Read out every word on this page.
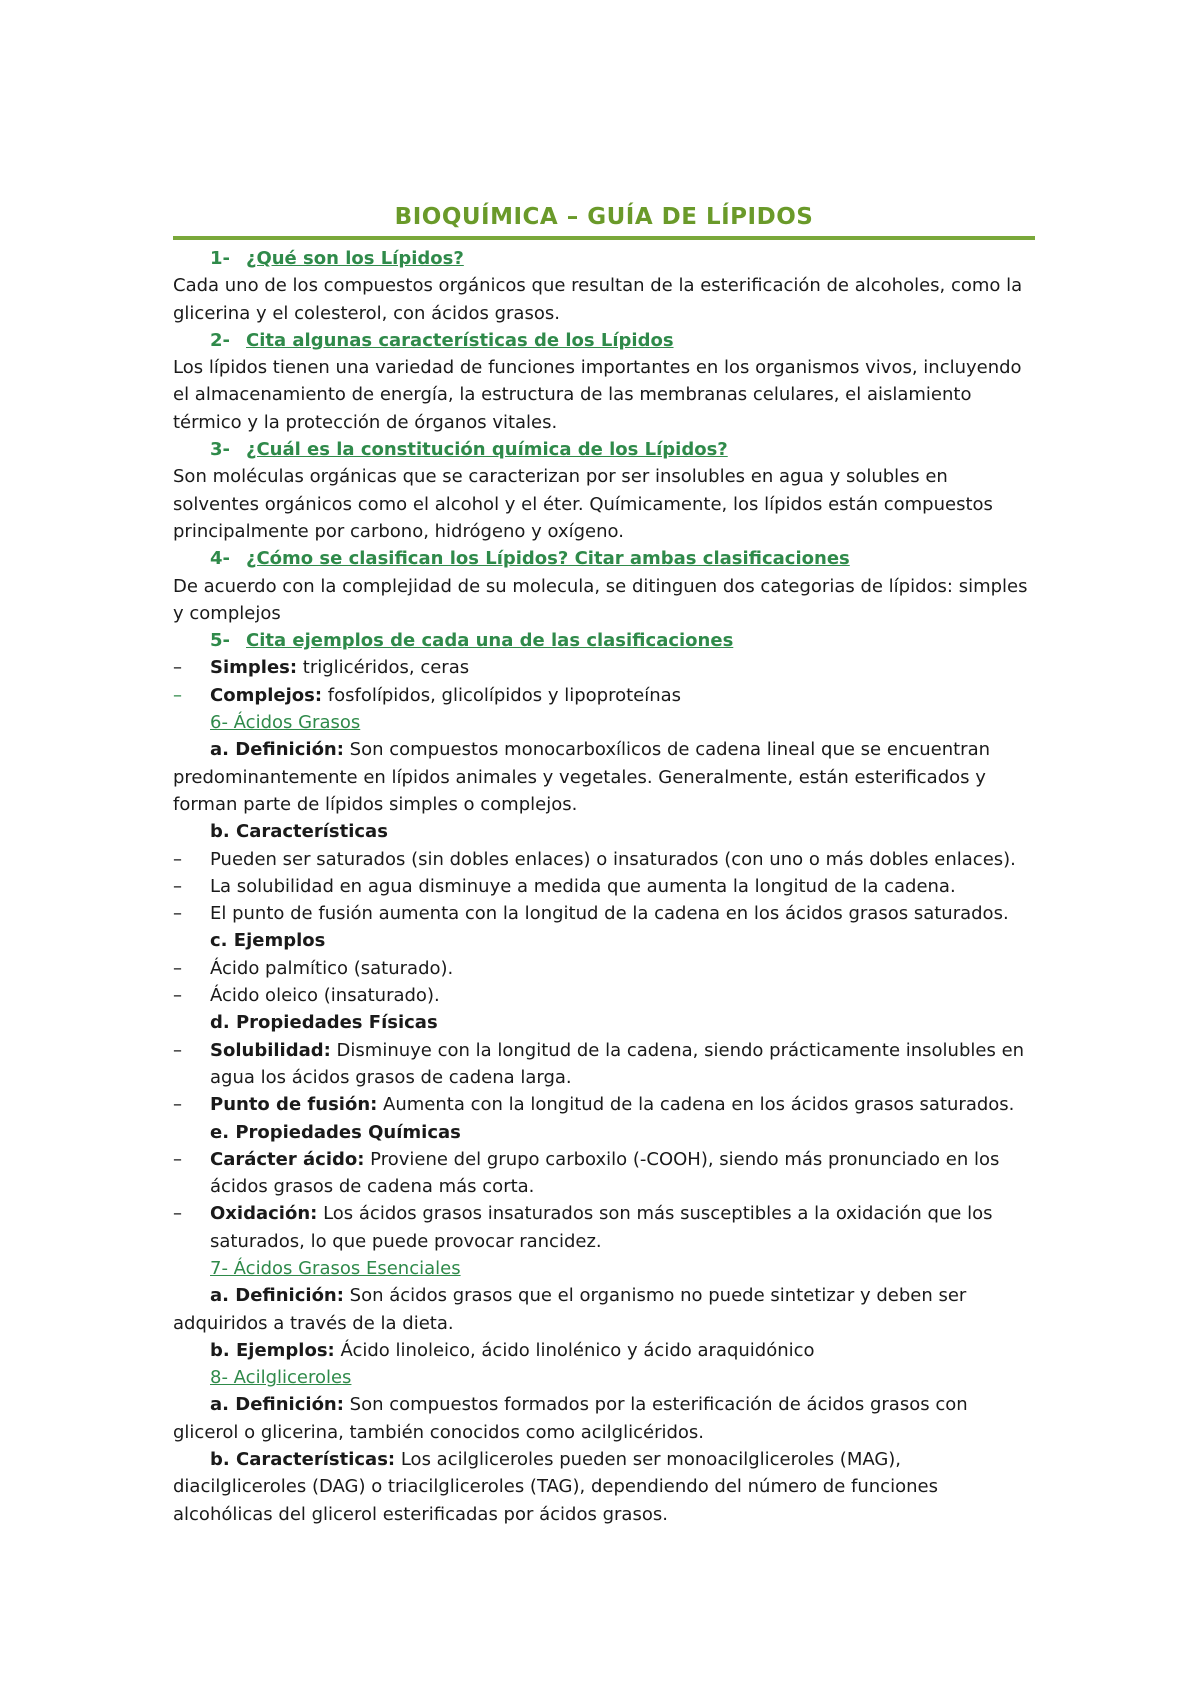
BIOQUÍMICA – GUÍA DE LÍPIDOS
1- ¿Qué son los Lípidos?

Cada uno de los compuestos orgánicos que resultan de la esterificación de alcoholes, como la glicerina y el colesterol, con ácidos grasos.

2- Cita algunas características de los Lípidos

Los lípidos tienen una variedad de funciones importantes en los organismos vivos, incluyendo el almacenamiento de energía, la estructura de las membranas celulares, el aislamiento térmico y la protección de órganos vitales.

3- ¿Cuál es la constitución química de los Lípidos?

Son moléculas orgánicas que se caracterizan por ser insolubles en agua y solubles en solventes orgánicos como el alcohol y el éter. Químicamente, los lípidos están compuestos principalmente por carbono, hidrógeno y oxígeno.

4- ¿Cómo se clasifican los Lípidos? Citar ambas clasificaciones

De acuerdo con la complejidad de su molecula, se ditinguen dos categorias de lípidos: simples y complejos

5- Cita ejemplos de cada una de las clasificaciones
– Simples: triglicéridos, ceras
– Complejos: fosfolípidos, glicolípidos y lipoproteínas
6- Ácidos Grasos

a. Definición: Son compuestos monocarboxílicos de cadena lineal que se encuentran predominantemente en lípidos animales y vegetales. Generalmente, están esterificados y forman parte de lípidos simples o complejos.

b. Características
– Pueden ser saturados (sin dobles enlaces) o insaturados (con uno o más dobles enlaces).
– La solubilidad en agua disminuye a medida que aumenta la longitud de la cadena.
– El punto de fusión aumenta con la longitud de la cadena en los ácidos grasos saturados.
c. Ejemplos
– Ácido palmítico (saturado).
– Ácido oleico (insaturado).
d. Propiedades Físicas
– Solubilidad: Disminuye con la longitud de la cadena, siendo prácticamente insolubles en agua los ácidos grasos de cadena larga.
– Punto de fusión: Aumenta con la longitud de la cadena en los ácidos grasos saturados.
e. Propiedades Químicas
– Carácter ácido: Proviene del grupo carboxilo (-COOH), siendo más pronunciado en los ácidos grasos de cadena más corta.
– Oxidación: Los ácidos grasos insaturados son más susceptibles a la oxidación que los saturados, lo que puede provocar rancidez.
7- Ácidos Grasos Esenciales

a. Definición: Son ácidos grasos que el organismo no puede sintetizar y deben ser adquiridos a través de la dieta.

b. Ejemplos: Ácido linoleico, ácido linolénico y ácido araquidónico
8- Acilgliceroles

a. Definición: Son compuestos formados por la esterificación de ácidos grasos con glicerol o glicerina, también conocidos como acilglicéridos.

b. Características: Los acilgliceroles pueden ser monoacilgliceroles (MAG), diacilgliceroles (DAG) o triacilgliceroles (TAG), dependiendo del número de funciones alcohólicas del glicerol esterificadas por ácidos grasos.
